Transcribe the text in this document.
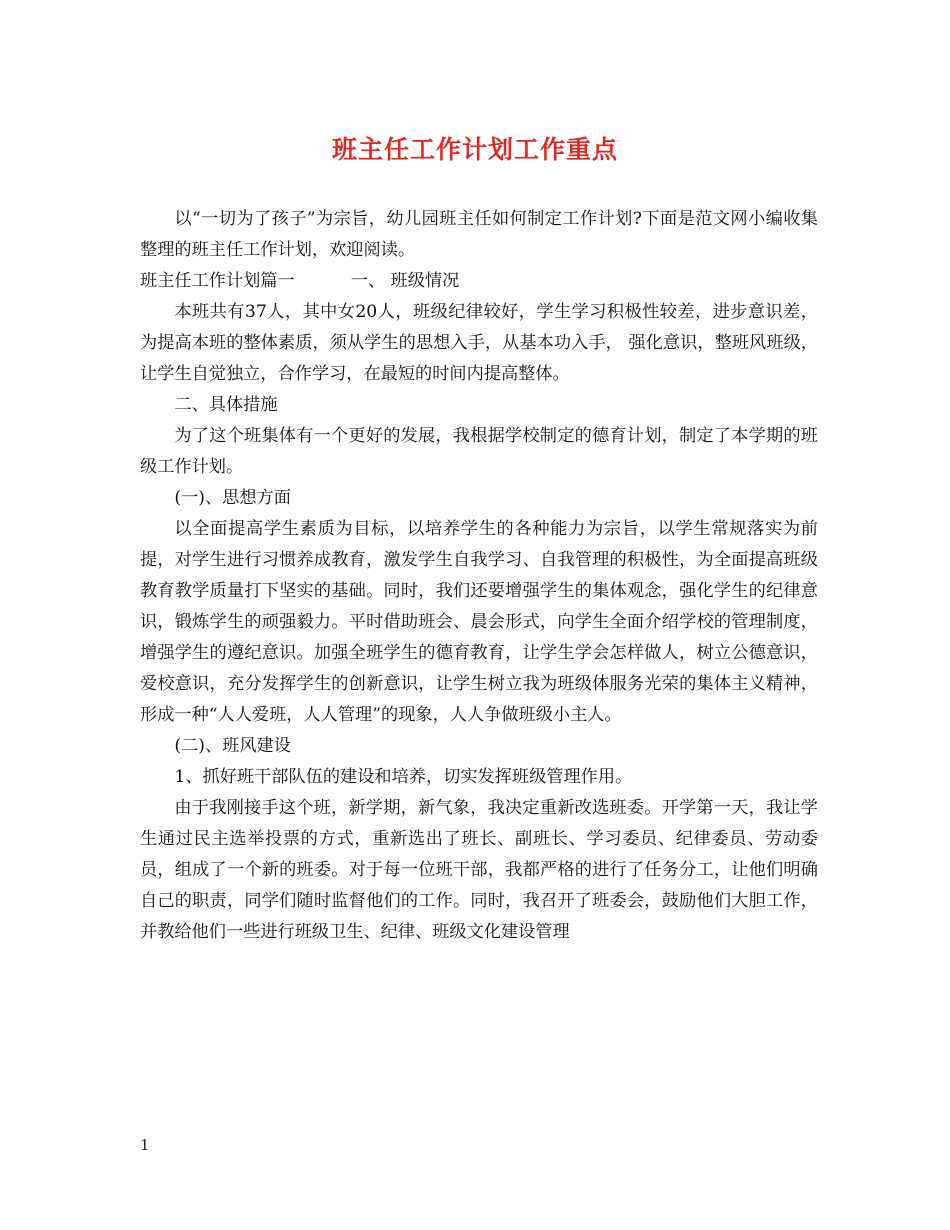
班主任工作计划工作重点

以“一切为了孩子”为宗旨，幼儿园班主任如何制定工作计划?下面是范文网小编收集整理的班主任工作计划，欢迎阅读。

班主任工作计划篇一	一、 班级情况

本班共有37人，其中女20人，班级纪律较好，学生学习积极性较差，进步意识差，为提高本班的整体素质，须从学生的思想入手，从基本功入手， 强化意识，整班风班级，让学生自觉独立，合作学习，在最短的时间内提高整体。

二、具体措施

为了这个班集体有一个更好的发展，我根据学校制定的德育计划，制定了本学期的班级工作计划。

(一)、思想方面

以全面提高学生素质为目标，以培养学生的各种能力为宗旨，以学生常规落实为前提，对学生进行习惯养成教育，激发学生自我学习、自我管理的积极性，为全面提高班级教育教学质量打下坚实的基础。同时，我们还要增强学生的集体观念，强化学生的纪律意识，锻炼学生的顽强毅力。平时借助班会、晨会形式，向学生全面介绍学校的管理制度，增强学生的遵纪意识。加强全班学生的德育教育，让学生学会怎样做人，树立公德意识，爱校意识，充分发挥学生的创新意识，让学生树立我为班级体服务光荣的集体主义精神，形成一种“人人爱班，人人管理”的现象，人人争做班级小主人。

(二)、班风建设

1、抓好班干部队伍的建设和培养，切实发挥班级管理作用。

由于我刚接手这个班，新学期，新气象，我决定重新改选班委。开学第一天，我让学生通过民主选举投票的方式，重新选出了班长、副班长、学习委员、纪律委员、劳动委员，组成了一个新的班委。对于每一位班干部，我都严格的进行了任务分工，让他们明确自己的职责，同学们随时监督他们的工作。同时，我召开了班委会，鼓励他们大胆工作，并教给他们一些进行班级卫生、纪律、班级文化建设管理

1
